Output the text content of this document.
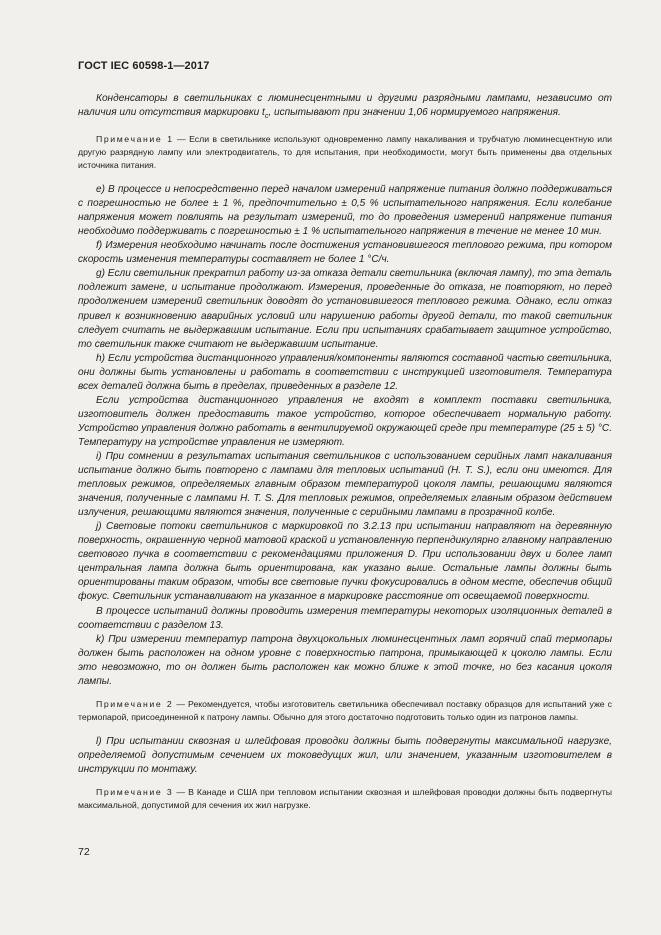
ГОСТ IEC 60598-1—2017

Конденсаторы в светильниках с люминесцентными и другими разрядными лампами, независимо от наличия или отсутствия маркировки $t_c$, испытывают при значении 1,06 нормируемого напряжения.

Примечание 1 — Если в светильнике используют одновременно лампу накаливания и трубчатую люминесцентную или другую разрядную лампу или электродвигатель, то для испытания, при необходимости, могут быть применены два отдельных источника питания.

e) В процессе и непосредственно перед началом измерений напряжение питания должно поддерживаться с погрешностью не более ± 1 %, предпочтительно ± 0,5 % испытательного напряжения. Если колебание напряжения может повлиять на результат измерений, то до проведения измерений напряжение питания необходимо поддерживать с погрешностью ± 1 % испытательного напряжения в течение не менее 10 мин.

f) Измерения необходимо начинать после достижения установившегося теплового режима, при котором скорость изменения температуры составляет не более 1 °С/ч.

g) Если светильник прекратил работу из-за отказа детали светильника (включая лампу), то эта деталь подлежит замене, и испытание продолжают. Измерения, проведенные до отказа, не повторяют, но перед продолжением измерений светильник доводят до установившегося теплового режима. Однако, если отказ привел к возникновению аварийных условий или нарушению работы другой детали, то такой светильник следует считать не выдержавшим испытание. Если при испытаниях срабатывает защитное устройство, то светильник также считают не выдержавшим испытание.

h) Если устройства дистанционного управления/компоненты являются составной частью светильника, они должны быть установлены и работать в соответствии с инструкцией изготовителя. Температура всех деталей должна быть в пределах, приведенных в разделе 12.

Если устройства дистанционного управления не входят в комплект поставки светильника, изготовитель должен предоставить такое устройство, которое обеспечивает нормальную работу. Устройство управления должно работать в вентилируемой окружающей среде при температуре (25 ± 5) °С. Температуру на устройстве управления не измеряют.

i) При сомнении в результатах испытания светильников с использованием серийных ламп накаливания испытание должно быть повторено с лампами для тепловых испытаний (Н. Т. S.), если они имеются. Для тепловых режимов, определяемых главным образом температурой цоколя лампы, решающими являются значения, полученные с лампами Н. Т. S. Для тепловых режимов, определяемых главным образом действием излучения, решающими являются значения, полученные с серийными лампами в прозрачной колбе.

j) Световые потоки светильников с маркировкой по 3.2.13 при испытании направляют на деревянную поверхность, окрашенную черной матовой краской и установленную перпендикулярно главному направлению светового пучка в соответствии с рекомендациями приложения D. При использовании двух и более ламп центральная лампа должна быть ориентирована, как указано выше. Остальные лампы должны быть ориентированы таким образом, чтобы все световые пучки фокусировались в одном месте, обеспечив общий фокус. Светильник устанавливают на указанное в маркировке расстояние от освещаемой поверхности.

В процессе испытаний должны проводить измерения температуры некоторых изоляционных деталей в соответствии с разделом 13.

k) При измерении температур патрона двухцокольных люминесцентных ламп горячий спай термопары должен быть расположен на одном уровне с поверхностью патрона, примыкающей к цоколю лампы. Если это невозможно, то он должен быть расположен как можно ближе к этой точке, но без касания цоколя лампы.

Примечание 2 — Рекомендуется, чтобы изготовитель светильника обеспечивал поставку образцов для испытаний уже с термопарой, присоединенной к патрону лампы. Обычно для этого достаточно подготовить только один из патронов лампы.

l) При испытании сквозная и шлейфовая проводки должны быть подвергнуты максимальной нагрузке, определяемой допустимым сечением их токоведущих жил, или значением, указанным изготовителем в инструкции по монтажу.

Примечание 3 — В Канаде и США при тепловом испытании сквозная и шлейфовая проводки должны быть подвергнуты максимальной, допустимой для сечения их жил нагрузке.

72
